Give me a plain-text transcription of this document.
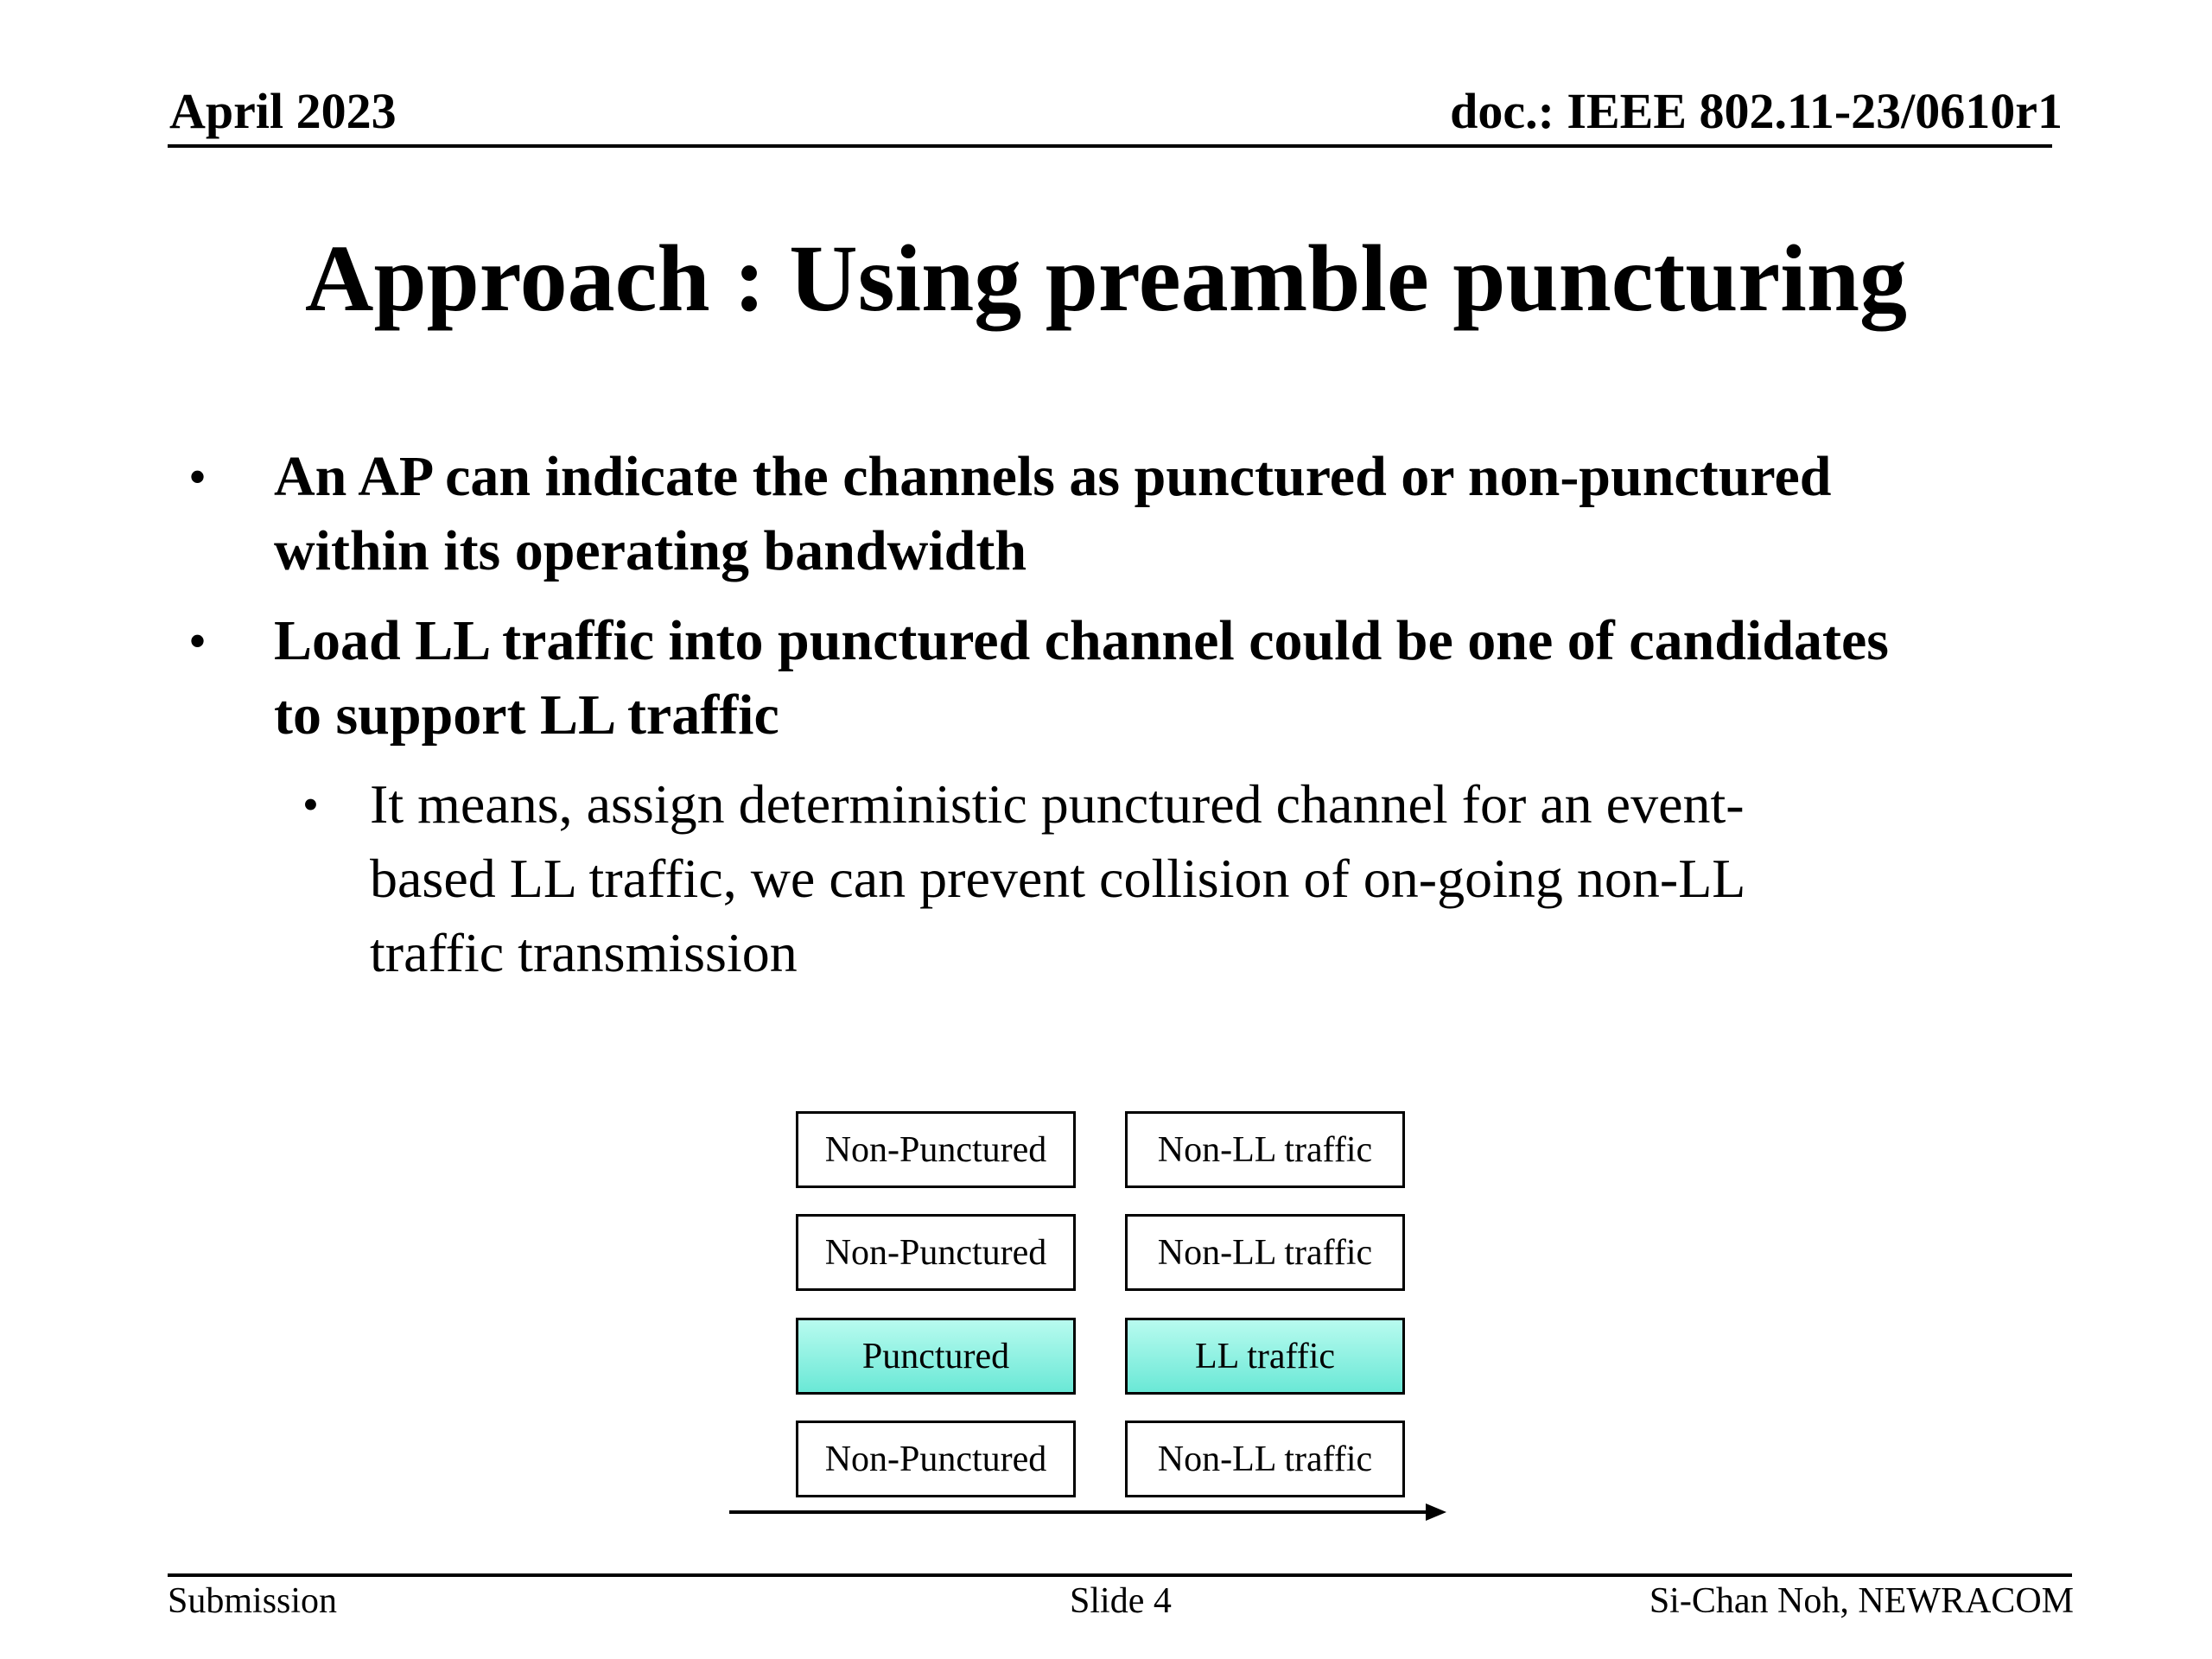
April 2023	doc.: IEEE 802.11-23/0610r1
Approach : Using preamble puncturing
• An AP can indicate the channels as punctured or non-punctured
within its operating bandwidth
• Load LL traffic into punctured channel could be one of candidates
to support LL traffic
• It means, assign deterministic punctured channel for an event-
based LL traffic, we can prevent collision of on-going non-LL
traffic transmission
Non-Punctured	Non-LL traffic
Non-Punctured	Non-LL traffic
Punctured	LL traffic
Non-Punctured	Non-LL traffic
Submission	Slide 4	Si-Chan Noh, NEWRACOM
